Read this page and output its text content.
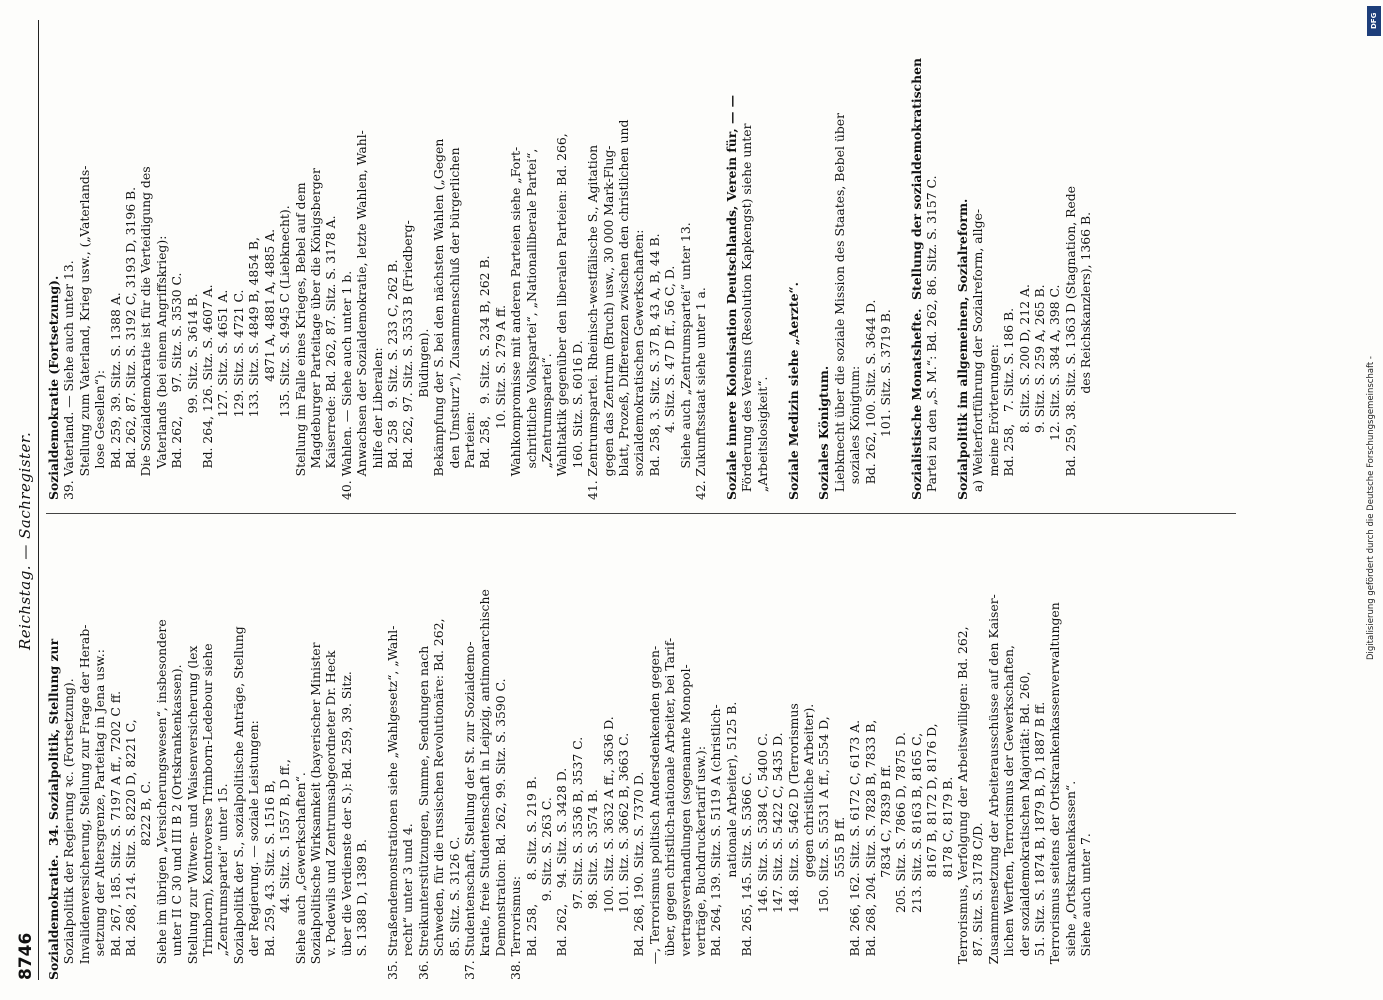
8746
Reichstag. — Sachregister.
Sozialdemokratie.  34. Sozialpolitik, Stellung zur Sozialpolitik der Regierung ꝛc. (Fortsetzung). Invalidenversicherung, Stellung zur Frage der Herab- setzung der Altersgrenze, Parteitag in Jena usw.: Bd. 267, 185. Sitz. S. 7197 A ff., 7202 C ff. Bd. 268, 214. Sitz. S. 8220 D, 8221 C, 8222 B, C. Siehe im übrigen „Versicherungswesen“, insbesondere unter II C 30 und III B 2 (Ortskrankenkassen). Stellung zur Witwen- und Waisenversicherung (lex Trimborn), Kontroverse Trimborn-Ledebour siehe „Zentrumspartei“ unter 15. Sozialpolitik der S., sozialpolitische Anträge, Stellung der Regierung. — soziale Leistungen: Bd. 259, 43. Sitz. S. 1516 B, 44. Sitz. S. 1557 B, D ff., Siehe auch „Gewerkschaften“. Sozialpolitische Wirksamkeit (bayerischer Minister v. Podewils und Zentrumsabgeordneter Dr. Heck über die Verdienste der S.): Bd. 259, 39. Sitz. S. 1388 D, 1389 B.
35. Straßendemonstrationen siehe „Wahlgesetz“, „Wahl- recht“ unter 3 und 4. 36. Streikunterstützungen, Summe, Sendungen nach Schweden, für die russischen Revolutionäre: Bd. 262, 85. Sitz. S. 3126 C. 37. Studentenschaft, Stellung der St. zur Sozialdemo- kratie, freie Studentenschaft in Leipzig, antimonarchische Demonstration: Bd. 262, 99. Sitz. S. 3590 C. 38. Terrorismus: Bd. 258,      8. Sitz. S. 219 B. 9. Sitz. S. 263 C. Bd. 262,    94. Sitz. S. 3428 D. 97. Sitz. S. 3536 B, 3537 C. 98. Sitz. S. 3574 B. 100. Sitz. S. 3632 A ff., 3636 D. 101. Sitz. S. 3662 B, 3663 C. Bd. 268, 190. Sitz. S. 7370 D. —, Terrorismus politisch Andersdenkenden gegen- über, gegen christlich-nationale Arbeiter, bei Tarif- vertragsverhandlungen (sogenannte Monopol- verträge, Buchdruckertarif usw.): Bd. 264, 139. Sitz. S. 5119 A (christlich- nationale Arbeiter), 5125 B. Bd. 265, 145. Sitz. S. 5366 C. 146. Sitz. S. 5384 C, 5400 C. 147. Sitz. S. 5422 C, 5435 D. 148. Sitz. S. 5462 D (Terrorismus gegen christliche Arbeiter). 150. Sitz. S. 5531 A ff., 5554 D, 5555 B ff. Bd. 266, 162. Sitz. S. 6172 C, 6173 A. Bd. 268, 204. Sitz. S. 7828 B, 7833 B, 7834 C, 7839 B ff. 205. Sitz. S. 7866 D, 7875 D. 213. Sitz. S. 8163 B, 8165 C, 8167 B, 8172 D, 8176 D, 8178 C, 8179 B. Terrorismus, Verfolgung der Arbeitswilligen: Bd. 262, 87. Sitz. S. 3178 C/D. Zusammensetzung der Arbeiterausschüsse auf den Kaiser- lichen Werften, Terrorismus der Gewerkschaften, der sozialdemokratischen Majorität: Bd. 260, 51. Sitz. S. 1874 B, 1879 B, D, 1887 B ff. Terrorismus seitens der Ortskrankenkassenverwaltungen siehe „Ortskrankenkassen“. Siehe auch unter 7.
Sozialdemokratie (Fortsetzung). 39. Vaterland. — Siehe auch unter 13. Stellung zum Vaterland, Krieg usw., („Vaterlands- lose Gesellen“): Bd. 259, 39. Sitz. S. 1388 A. Bd. 262, 87. Sitz. S. 3192 C, 3193 D, 3196 B. Die Sozialdemokratie ist für die Verteidigung des Vaterlands (bei einem Angriffskrieg): Bd. 262,      97. Sitz. S. 3530 C. 99. Sitz. S. 3614 B. Bd. 264, 126. Sitz. S. 4607 A. 127. Sitz. S. 4651 A. 129. Sitz. S. 4721 C. 133. Sitz. S. 4849 B, 4854 B, 4871 A, 4881 A, 4885 A. 135. Sitz. S. 4945 C (Liebknecht). Stellung im Falle eines Krieges, Bebel auf dem Magdeburger Parteitage über die Königsberger Kaiserrede: Bd. 262, 87. Sitz. S. 3178 A. 40. Wahlen. — Siehe auch unter 1 b. Anwachsen der Sozialdemokratie, letzte Wahlen, Wahl- hilfe der Liberalen: Bd. 258   9. Sitz. S. 233 C, 262 B. Bd. 262, 97. Sitz. S. 3533 B (Friedberg- Büdingen). Bekämpfung der S. bei den nächsten Wahlen („Gegen den Umsturz“), Zusammenschluß der bürgerlichen Parteien: Bd. 258,   9. Sitz. S. 234 B, 262 B. 10. Sitz. S. 279 A ff. Wahlkompromisse mit anderen Parteien siehe „Fort- schrittliche Volkspartei“, „Nationalliberale Partei“, „Zentrumspartei“. Wahltaktik gegenüber den liberalen Parteien: Bd. 266, 160. Sitz. S. 6016 D. 41. Zentrumspartei. Rheinisch-westfälische S., Agitation gegen das Zentrum (Bruch) usw., 30 000 Mark-Flug- blatt, Prozeß, Differenzen zwischen den christlichen und sozialdemokratischen Gewerkschaften: Bd. 258, 3. Sitz. S. 37 B, 43 A, B, 44 B. 4. Sitz. S. 47 D ff., 56 C, D. Siehe auch „Zentrumspartei“ unter 13. 42. Zukunftsstaat siehe unter 1 a.
Soziale innere Kolonisation Deutschlands, Verein für, — — Förderung des Vereins (Resolution Kapkengst) siehe unter „Arbeitslosigkeit“.
Soziale Medizin siehe „Aerzte“.
Soziales Königtum. Liebknecht über die soziale Mission des Staates, Bebel über soziales Königtum: Bd. 262, 100. Sitz. S. 3644 D. 101. Sitz. S. 3719 B.
Sozialistische Monatshefte.  Stellung der sozialdemokratischen Partei zu den „S. M.“: Bd. 262, 86. Sitz. S. 3157 C.
Sozialpolitik im allgemeinen, Sozialreform. a) Weiterfortführung der Sozialreform, allge- meine Erörterungen: Bd. 258,   7. Sitz. S. 186 B. 8. Sitz. S. 200 D, 212 A. 9. Sitz. S. 259 A, 265 B. 12. Sitz. S. 384 A, 398 C. Bd. 259, 38. Sitz. S. 1363 D (Stagnation, Rede des Reichskanzlers), 1366 B.
DFG
Digitalisierung gefördert durch die Deutsche Forschungsgemeinschaft -
